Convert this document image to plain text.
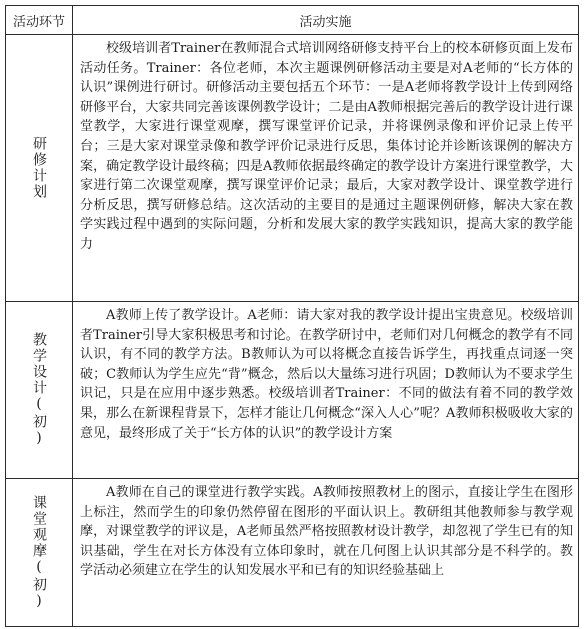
活动环节	活动实施
研修计划

校级培训者Trainer在教师混合式培训网络研修支持平台上的校本研修页面上发布活动任务。Trainer：各位老师，本次主题课例研修活动主要是对A老师的“长方体的认识”课例进行研讨。研修活动主要包括五个环节：一是A老师将教学设计上传到网络研修平台，大家共同完善该课例教学设计；二是由A教师根据完善后的教学设计进行课堂教学，大家进行课堂观摩，撰写课堂评价记录，并将课例录像和评价记录上传平台；三是大家对课堂录像和教学评价记录进行反思，集体讨论并诊断该课例的解决方案，确定教学设计最终稿；四是A教师依据最终确定的教学设计方案进行课堂教学，大家进行第二次课堂观摩，撰写课堂评价记录；最后，大家对教学设计、课堂教学进行分析反思，撰写研修总结。这次活动的主要目的是通过主题课例研修，解决大家在教学实践过程中遇到的实际问题，分析和发展大家的教学实践知识，提高大家的教学能力

教学设计(初)

A教师上传了教学设计。A老师：请大家对我的教学设计提出宝贵意见。校级培训者Trainer引导大家积极思考和讨论。在教学研讨中，老师们对几何概念的教学有不同认识，有不同的教学方法。B教师认为可以将概念直接告诉学生，再找重点词逐一突破；C教师认为学生应先“背”概念，然后以大量练习进行巩固；D教师认为不要求学生识记，只是在应用中逐步熟悉。校级培训者Trainer：不同的做法有着不同的教学效果，那么在新课程背景下，怎样才能让几何概念“深入人心”呢？A教师积极吸收大家的意见，最终形成了关于“长方体的认识”的教学设计方案

课堂观摩(初)

A教师在自己的课堂进行教学实践。A教师按照教材上的图示，直接让学生在图形上标注，然而学生的印象仍然停留在图形的平面认识上。教研组其他教师参与教学观摩，对课堂教学的评议是，A老师虽然严格按照教材设计教学，却忽视了学生已有的知识基础，学生在对长方体没有立体印象时，就在几何图上认识其部分是不科学的。教学活动必须建立在学生的认知发展水平和已有的知识经验基础上
